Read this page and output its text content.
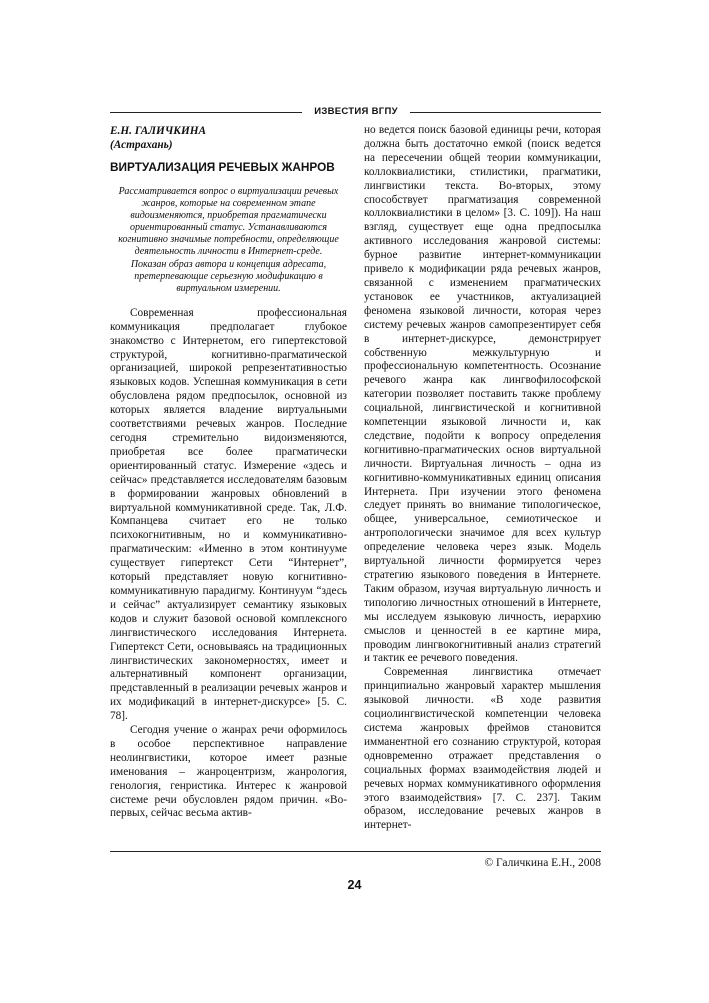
ИЗВЕСТИЯ ВГПУ

Е.Н. ГАЛИЧКИНА

(Астрахань)

ВИРТУАЛИЗАЦИЯ РЕЧЕВЫХ ЖАНРОВ

Рассматривается вопрос о виртуализации речевых жанров, которые на современном этапе видоизменяются, приобретая прагматически ориентированный статус. Устанавливаются когнитивно значимые потребности, определяющие деятельность личности в Интернет-среде. Показан образ автора и концепция адресата, претерпевающие серьезную модификацию в виртуальном измерении.

Современная профессиональная коммуникация предполагает глубокое знакомство с Интернетом, его гипертекстовой структурой, когнитивно-прагматической организацией, широкой репрезентативностью языковых кодов. Успешная коммуникация в сети обусловлена рядом предпосылок, основной из которых является владение виртуальными соответствиями речевых жанров. Последние сегодня стремительно видоизменяются, приобретая все более прагматически ориентированный статус. Измерение «здесь и сейчас» представляется исследователям базовым в формировании жанровых обновлений в виртуальной коммуникативной среде. Так, Л.Ф. Компанцева считает его не только психокогнитивным, но и коммуникативно-прагматическим: «Именно в этом континууме существует гипертекст Сети “Интернет”, который представляет новую когнитивно-коммуникативную парадигму. Континуум “здесь и сейчас” актуализирует семантику языковых кодов и служит базовой основой комплексного лингвистического исследования Интернета. Гипертекст Сети, основываясь на традиционных лингвистических закономерностях, имеет и альтернативный компонент организации, представленный в реализации речевых жанров и их модификаций в интернет-дискурсе» [5. С. 78].

Сегодня учение о жанрах речи оформилось в особое перспективное направление неолингвистики, которое имеет разные именования – жанроцентризм, жанрология, генология, генристика. Интерес к жанровой системе речи обусловлен рядом причин. «Во-первых, сейчас весьма актив-

но ведется поиск базовой единицы речи, которая должна быть достаточно емкой (поиск ведется на пересечении общей теории коммуникации, коллоквиалистики, стилистики, прагматики, лингвистики текста. Во-вторых, этому способствует прагматизация современной коллоквиалистики в целом» [3. С. 109]). На наш взгляд, существует еще одна предпосылка активного исследования жанровой системы: бурное развитие интернет-коммуникации привело к модификации ряда речевых жанров, связанной с изменением прагматических установок ее участников, актуализацией феномена языковой личности, которая через систему речевых жанров самопрезентирует себя в интернет-дискурсе, демонстрирует собственную межкультурную и профессиональную компетентность. Осознание речевого жанра как лингвофилософской категории позволяет поставить также проблему социальной, лингвистической и когнитивной компетенции языковой личности и, как следствие, подойти к вопросу определения когнитивно-прагматических основ виртуальной личности. Виртуальная личность – одна из когнитивно-коммуникативных единиц описания Интернета. При изучении этого феномена следует принять во внимание типологическое, общее, универсальное, семиотическое и антропологически значимое для всех культур определение человека через язык. Модель виртуальной личности формируется через стратегию языкового поведения в Интернете. Таким образом, изучая виртуальную личность и типологию личностных отношений в Интернете, мы исследуем языковую личность, иерархию смыслов и ценностей в ее картине мира, проводим лингвокогнитивный анализ стратегий и тактик ее речевого поведения.

Современная лингвистика отмечает принципиально жанровый характер мышления языковой личности. «В ходе развития социолингвистической компетенции человека система жанровых фреймов становится имманентной его сознанию структурой, которая одновременно отражает представления о социальных формах взаимодействия людей и речевых нормах коммуникативного оформления этого взаимодействия» [7. С. 237]. Таким образом, исследование речевых жанров в интернет-

© Галичкина Е.Н., 2008
24
